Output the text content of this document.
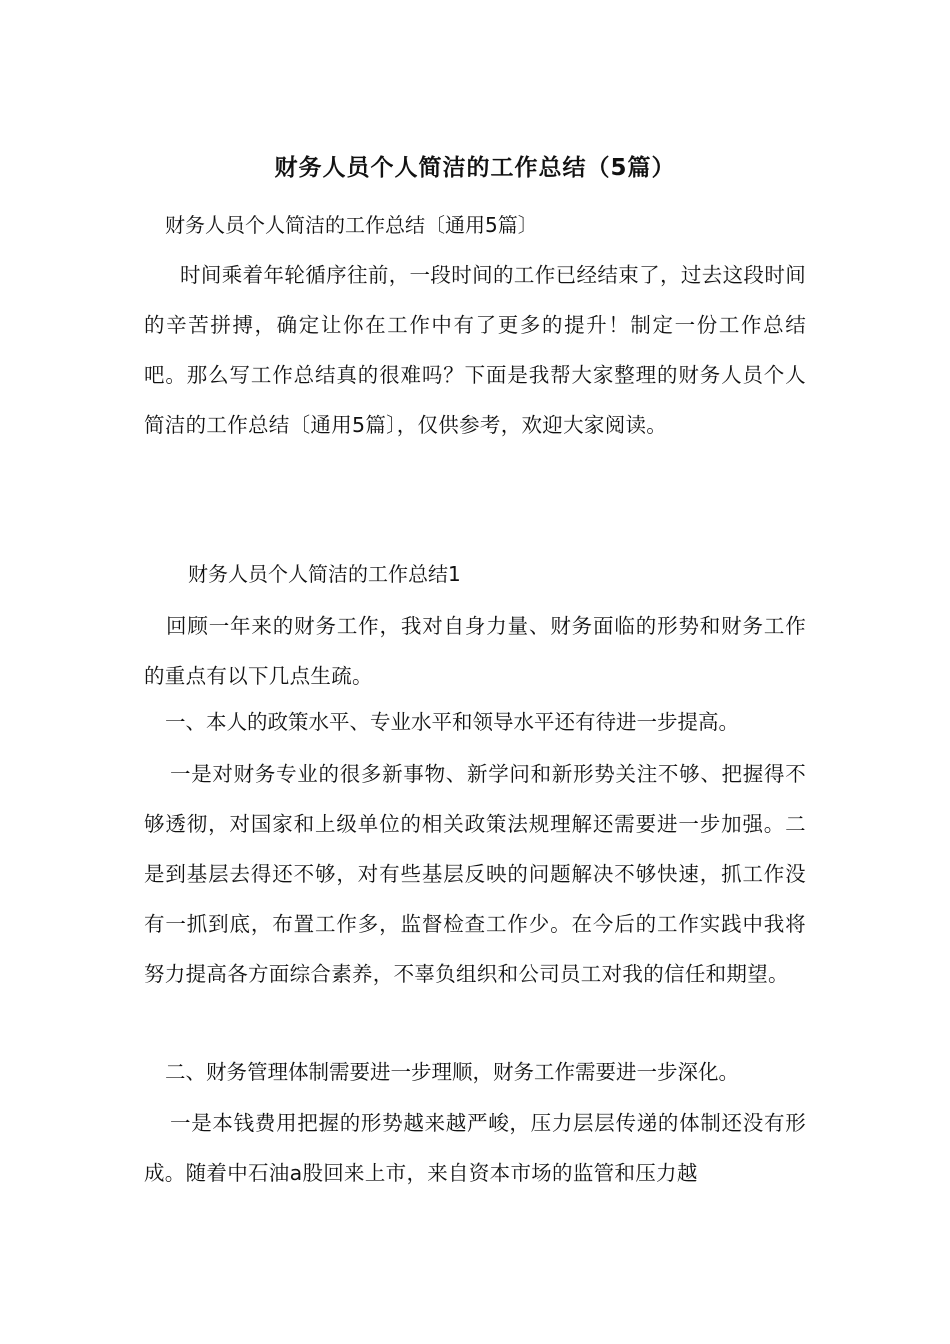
财务人员个人简洁的工作总结（5篇）
财务人员个人简洁的工作总结〔通用5篇〕

时间乘着年轮循序往前，一段时间的工作已经结束了，过去这段时间的辛苦拼搏，确定让你在工作中有了更多的提升！制定一份工作总结吧。那么写工作总结真的很难吗？下面是我帮大家整理的财务人员个人简洁的工作总结〔通用5篇〕，仅供参考，欢迎大家阅读。

财务人员个人简洁的工作总结1

回顾一年来的财务工作，我对自身力量、财务面临的形势和财务工作的重点有以下几点生疏。

一、本人的政策水平、专业水平和领导水平还有待进一步提高。

一是对财务专业的很多新事物、新学问和新形势关注不够、把握得不够透彻，对国家和上级单位的相关政策法规理解还需要进一步加强。二是到基层去得还不够，对有些基层反映的问题解决不够快速，抓工作没有一抓到底，布置工作多，监督检查工作少。在今后的工作实践中我将努力提高各方面综合素养，不辜负组织和公司员工对我的信任和期望。

二、财务管理体制需要进一步理顺，财务工作需要进一步深化。

一是本钱费用把握的形势越来越严峻，压力层层传递的体制还没有形成。随着中石油a股回来上市，来自资本市场的监管和压力越
